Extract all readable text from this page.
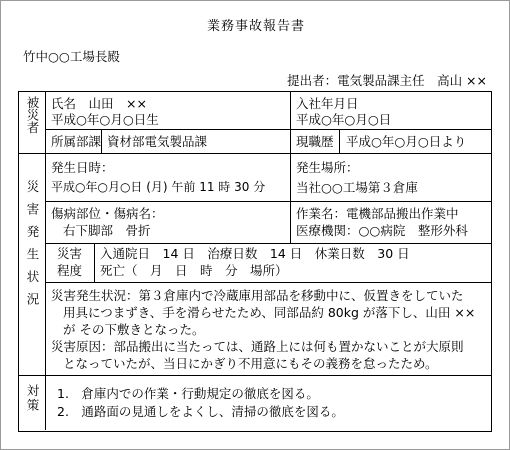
業務事故報告書
竹中○○工場長殿
提出者：電気製品課主任　高山 ××
被災者
災害発生状況
対策
氏名　山田　××
平成○年○月○日生
入社年月日
平成○年○月○日
所属部課 資材部電気製品課	現職歴 平成○年○月○日より
発生日時：
平成○年○月○日 (月) 午前 11 時 30 分
発生場所：
当社○○工場第３倉庫
傷病部位・傷病名：
右下脚部　骨折
作業名：電機部品搬出作業中
医療機関：○○病院　整形外科
災害
程度
入通院日　14 日　治療日数　14 日　休業日数　30 日
死亡（　月　日　時　分　場所）
災害発生状況：第３倉庫内で冷蔵庫用部品を移動中に、仮置きをしていた
用具につまずき、手を滑らせたため、同部品約 80kg が落下し、山田 ××
が その下敷きとなった。
災害原因：部品搬出に当たっては、通路上には何も置かないことが大原則
となっていたが、当日にかぎり不用意にもその義務を怠ったため。
1.　倉庫内での作業・行動規定の徹底を図る。
2.　通路面の見通しをよくし、清掃の徹底を図る。
